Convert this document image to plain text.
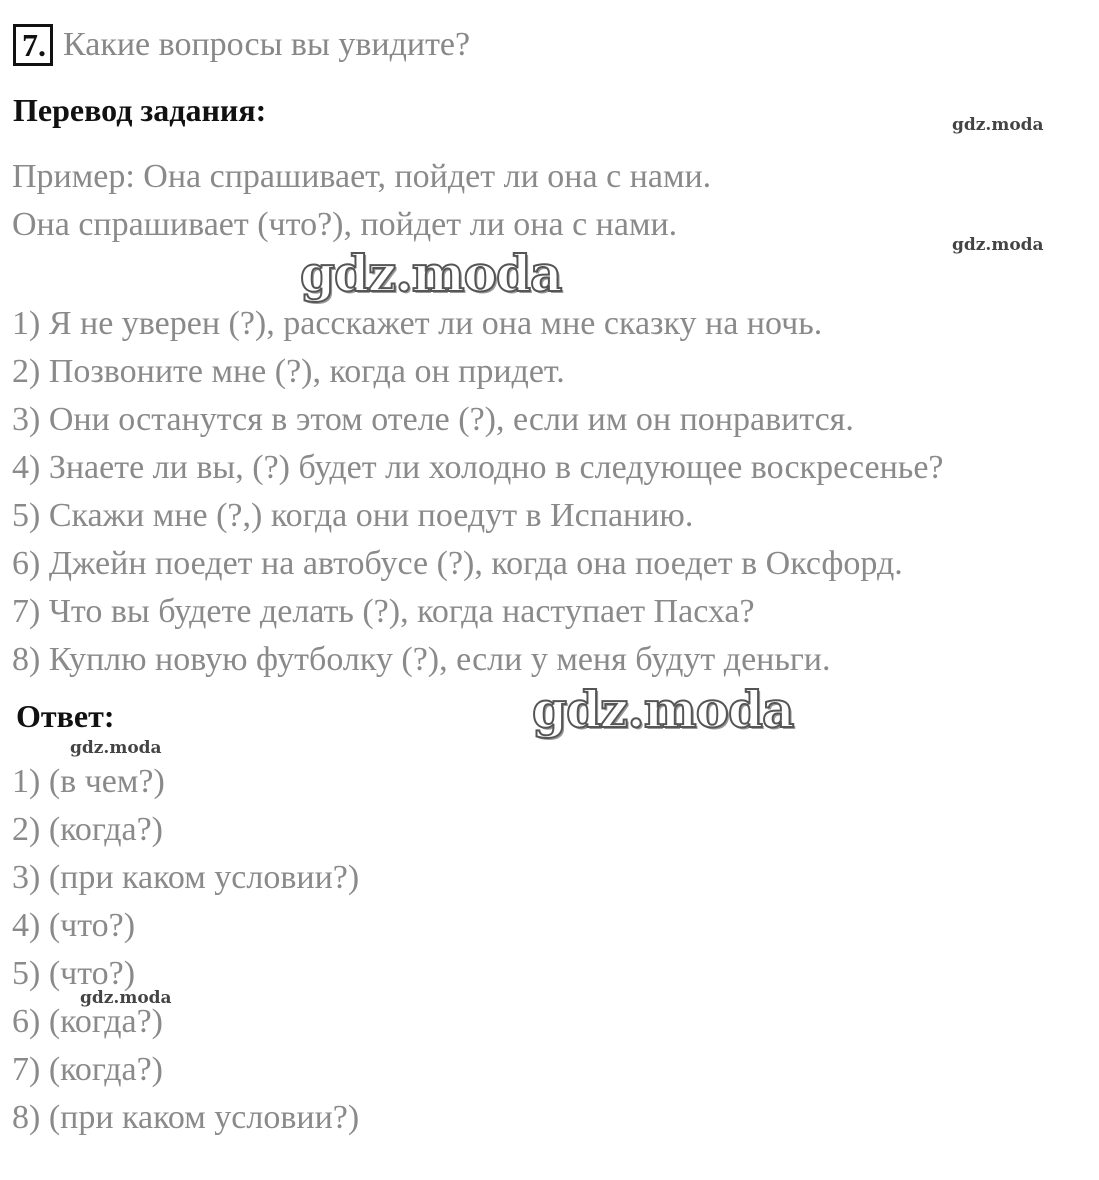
7. Какие вопросы вы увидите?
Перевод задания:
Пример: Она спрашивает, пойдет ли она с нами.
Она спрашивает (что?), пойдет ли она с нами.
1) Я не уверен (?), расскажет ли она мне сказку на ночь.
2) Позвоните мне (?), когда он придет.
3) Они останутся в этом отеле (?), если им он понравится.
4) Знаете ли вы, (?) будет ли холодно в следующее воскресенье?
5) Скажи мне (?,) когда они поедут в Испанию.
6) Джейн поедет на автобусе (?), когда она поедет в Оксфорд.
7) Что вы будете делать (?), когда наступает Пасха?
8) Куплю новую футболку (?), если у меня будут деньги.
Ответ:
1) (в чем?)
2) (когда?)
3) (при каком условии?)
4) (что?)
5) (что?)
6) (когда?)
7) (когда?)
8) (при каком условии?)
gdz.moda
gdz.moda
gdz.moda
gdz.moda
gdz.moda
gdz.moda
